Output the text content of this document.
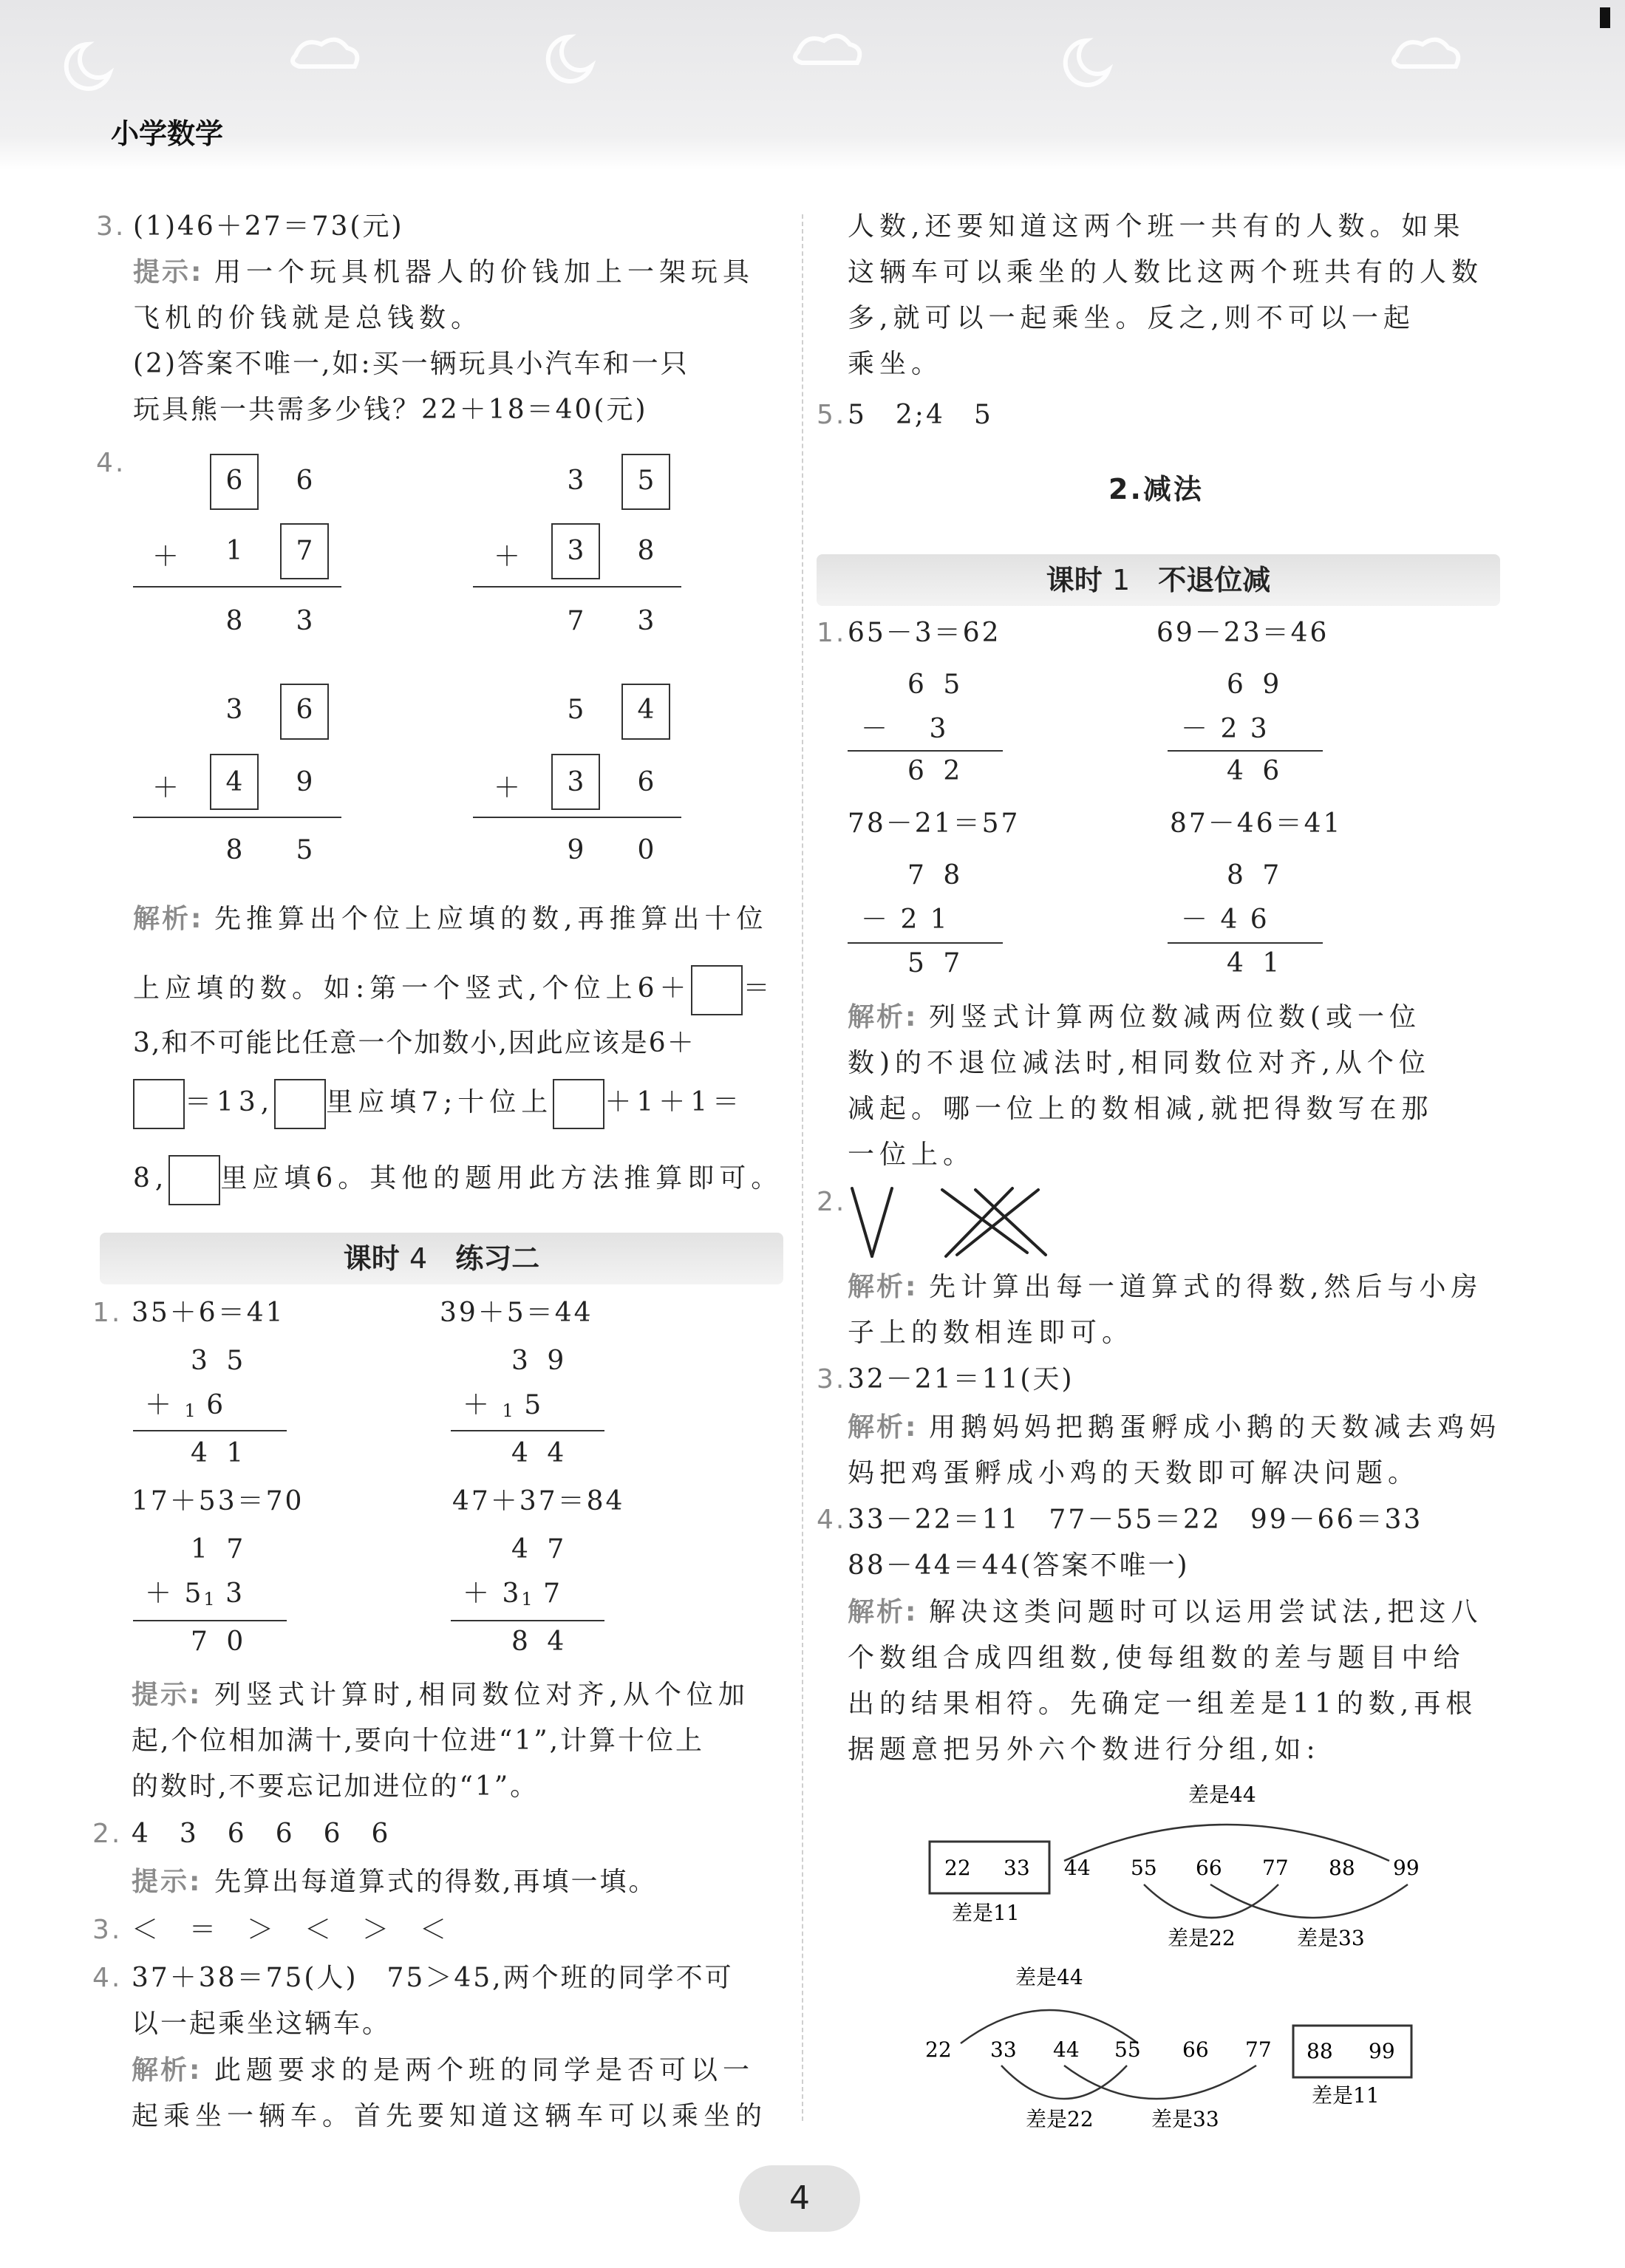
小学数学
3. (1)46＋27＝73(元)
提示: 用一个玩具机器人的价钱加上一架玩具
飞机的价钱就是总钱数。
(2)答案不唯一,如:买一辆玩具小汽车和一只
玩具熊一共需多少钱？22＋18＝40(元)
4.
6 6
＋ 1 7
8 3
3 5
＋ 3 8
7 3
3 6
＋ 4 9
8 5
5 4
＋ 3 6
9 0
解析: 先推算出个位上应填的数,再推算出十位
上应填的数。如:第一个竖式,个位上6＋ ＝
3,和不可能比任意一个加数小,因此应该是6＋
＝13, 里应填7;十位上 ＋1＋1＝
8, 里应填6。其他的题用此方法推算即可。
课时 4　 练习二
1. 35＋6＝41	39＋5＝44
3 5
＋ 1 6
4 1
3 9
＋ 1 5
4 4
17＋53＝70	47＋37＝84
1 7
＋ 51 3
7 0
4 7
＋ 31 7
8 4
提示: 列竖式计算时,相同数位对齐,从个位加
起,个位相加满十,要向十位进“1”,计算十位上
的数时,不要忘记加进位的“1”。
2. 4　3　6　6　6　6
提示: 先算出每道算式的得数,再填一填。
3. ＜　＝　＞　＜　＞　＜
4. 37＋38＝75(人)　75＞45,两个班的同学不可
以一起乘坐这辆车。
解析: 此题要求的是两个班的同学是否可以一
起乘坐一辆车。首先要知道这辆车可以乘坐的
人数,还要知道这两个班一共有的人数。如果
这辆车可以乘坐的人数比这两个班共有的人数
多,就可以一起乘坐。反之,则不可以一起
乘坐。
5. 5　2;4　5
2.减法
课时 1　 不退位减
1. 65－3＝62	69－23＝46
6 5
－　 3
6 2
6 9
－ 2 3
4 6
78－21＝57	87－46＝41
7 8
－ 2 1
5 7
8 7
－ 4 6
4 1
解析: 列竖式计算两位数减两位数(或一位
数)的不退位减法时,相同数位对齐,从个位
减起。哪一位上的数相减,就把得数写在那
一位上。
2.
解析: 先计算出每一道算式的得数,然后与小房
子上的数相连即可。
3. 32－21＝11(天)
解析: 用鹅妈妈把鹅蛋孵成小鹅的天数减去鸡妈
妈把鸡蛋孵成小鸡的天数即可解决问题。
4. 33－22＝11　77－55＝22　99－66＝33
88－44＝44(答案不唯一)
解析: 解决这类问题时可以运用尝试法,把这八
个数组合成四组数,使每组数的差与题目中给
出的结果相符。先确定一组差是11的数,再根
据题意把另外六个数进行分组,如:
差是44
22 33 44 55 66 77 88 99
差是11
差是22	差是33
差是44
22 33 44 55 66 77 88 99
差是11
差是22	差是33
4
